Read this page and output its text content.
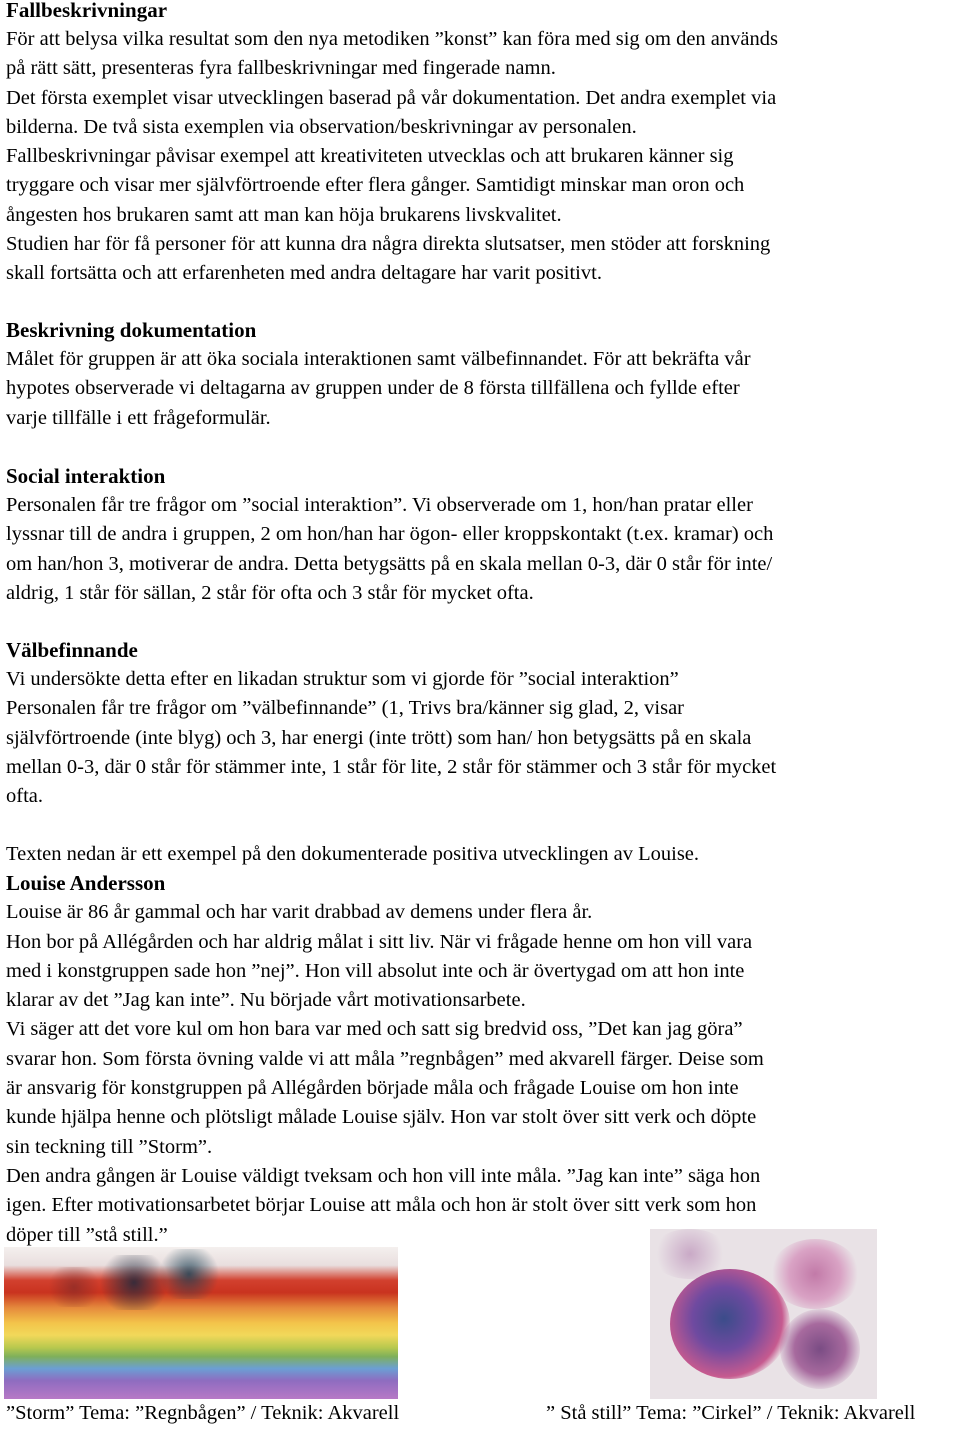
Fallbeskrivningar
För att belysa vilka resultat som den nya metodiken ”konst” kan föra med sig om den används
på rätt sätt, presenteras fyra fallbeskrivningar med fingerade namn.
Det första exemplet visar utvecklingen baserad på vår dokumentation. Det andra exemplet via
bilderna. De två sista exemplen via observation/beskrivningar av personalen.
Fallbeskrivningar påvisar exempel att kreativiteten utvecklas och att brukaren känner sig
tryggare och visar mer självförtroende efter flera gånger. Samtidigt minskar man oron och
ångesten hos brukaren samt att man kan höja brukarens livskvalitet.
Studien har för få personer för att kunna dra några direkta slutsatser, men stöder att forskning
skall fortsätta och att erfarenheten med andra deltagare har varit positivt.
Beskrivning dokumentation
Målet för gruppen är att öka sociala interaktionen samt välbefinnandet. För att bekräfta vår
hypotes observerade vi deltagarna av gruppen under de 8 första tillfällena och fyllde efter
varje tillfälle i ett frågeformulär.
Social interaktion
Personalen får tre frågor om ”social interaktion”. Vi observerade om 1, hon/han pratar eller
lyssnar till de andra i gruppen, 2 om hon/han har ögon- eller kroppskontakt (t.ex. kramar) och
om han/hon 3, motiverar de andra. Detta betygsätts på en skala mellan 0-3, där 0 står för inte/
aldrig, 1 står för sällan, 2 står för ofta och 3 står för mycket ofta.
Välbefinnande
Vi undersökte detta efter en likadan struktur som vi gjorde för ”social interaktion”
Personalen får tre frågor om ”välbefinnande” (1, Trivs bra/känner sig glad, 2, visar
självförtroende (inte blyg) och 3, har energi (inte trött) som han/ hon betygsätts på en skala
mellan 0-3, där 0 står för stämmer inte, 1 står för lite, 2 står för stämmer och 3 står för mycket
ofta.
Texten nedan är ett exempel på den dokumenterade positiva utvecklingen av Louise.
Louise Andersson
Louise är 86 år gammal och har varit drabbad av demens under flera år.
Hon bor på Allégården och har aldrig målat i sitt liv. När vi frågade henne om hon vill vara
med i konstgruppen sade hon ”nej”. Hon vill absolut inte och är övertygad om att hon inte
klarar av det ”Jag kan inte”. Nu började vårt motivationsarbete.
Vi säger att det vore kul om hon bara var med och satt sig bredvid oss, ”Det kan jag göra”
svarar hon. Som första övning valde vi att måla ”regnbågen” med akvarell färger. Deise som
är ansvarig för konstgruppen på Allégården började måla och frågade Louise om hon inte
kunde hjälpa henne och plötsligt målade Louise själv. Hon var stolt över sitt verk och döpte
sin teckning till ”Storm”.
Den andra gången är Louise väldigt tveksam och hon vill inte måla. ”Jag kan inte” säga hon
igen. Efter motivationsarbetet börjar Louise att måla och hon är stolt över sitt verk som hon
döper till ”stå still.”
”Storm” Tema: ”Regnbågen” / Teknik: Akvarell	” Stå still” Tema: ”Cirkel” / Teknik: Akvarell
